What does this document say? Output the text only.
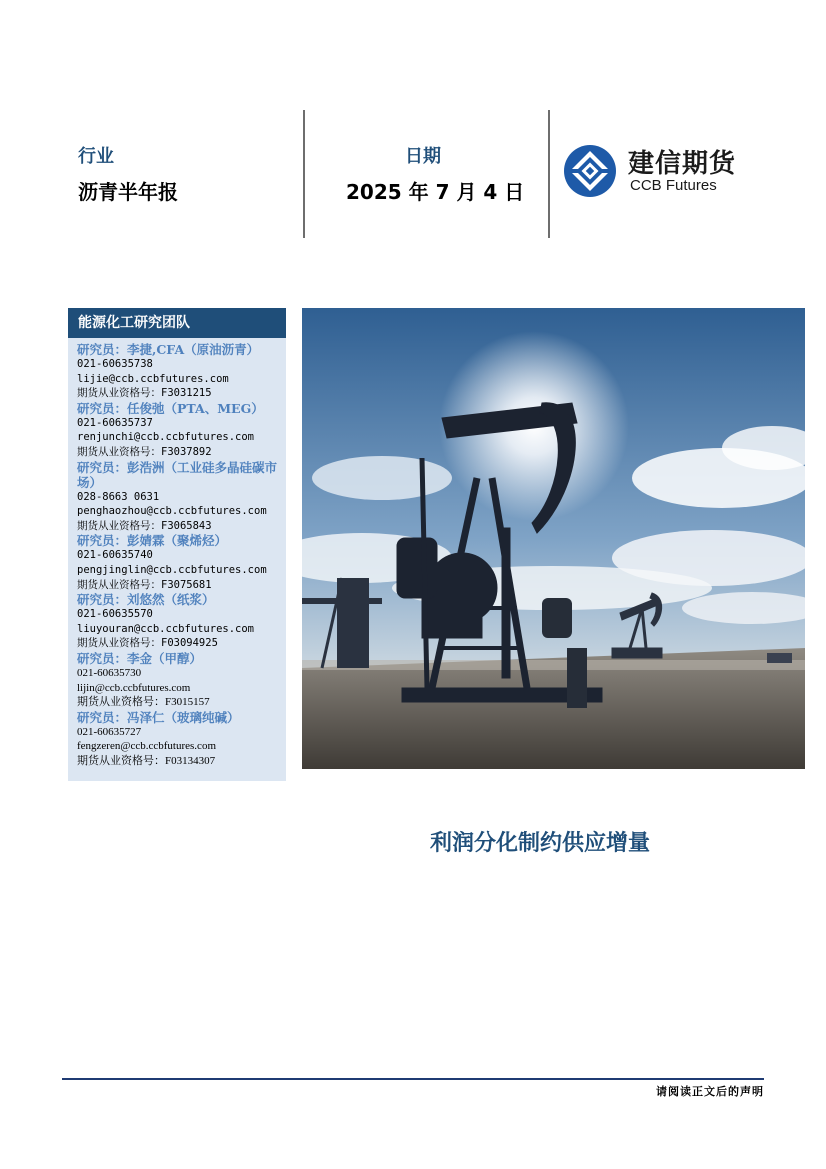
行业
沥青半年报
日期
2025 年 7 月 4 日
建信期货
CCB Futures
能源化工研究团队
研究员：李捷,CFA（原油沥青）
021-60635738
lijie@ccb.ccbfutures.com
期货从业资格号：F3031215
研究员：任俊弛（PTA、MEG）
021-60635737
renjunchi@ccb.ccbfutures.com
期货从业资格号：F3037892
研究员：彭浩洲（工业硅多晶硅碳市场）
028-8663 0631
penghaozhou@ccb.ccbfutures.com
期货从业资格号：F3065843
研究员：彭婧霖（聚烯烃）
021-60635740
pengjinglin@ccb.ccbfutures.com
期货从业资格号：F3075681
研究员：刘悠然（纸浆）
021-60635570
liuyouran@ccb.ccbfutures.com
期货从业资格号：F03094925
研究员：李金（甲醇）
021-60635730
lijin@ccb.ccbfutures.com
期货从业资格号：F3015157
研究员：冯泽仁（玻璃纯碱）
021-60635727
fengzeren@ccb.ccbfutures.com
期货从业资格号：F03134307
利润分化制约供应增量
请阅读正文后的声明
